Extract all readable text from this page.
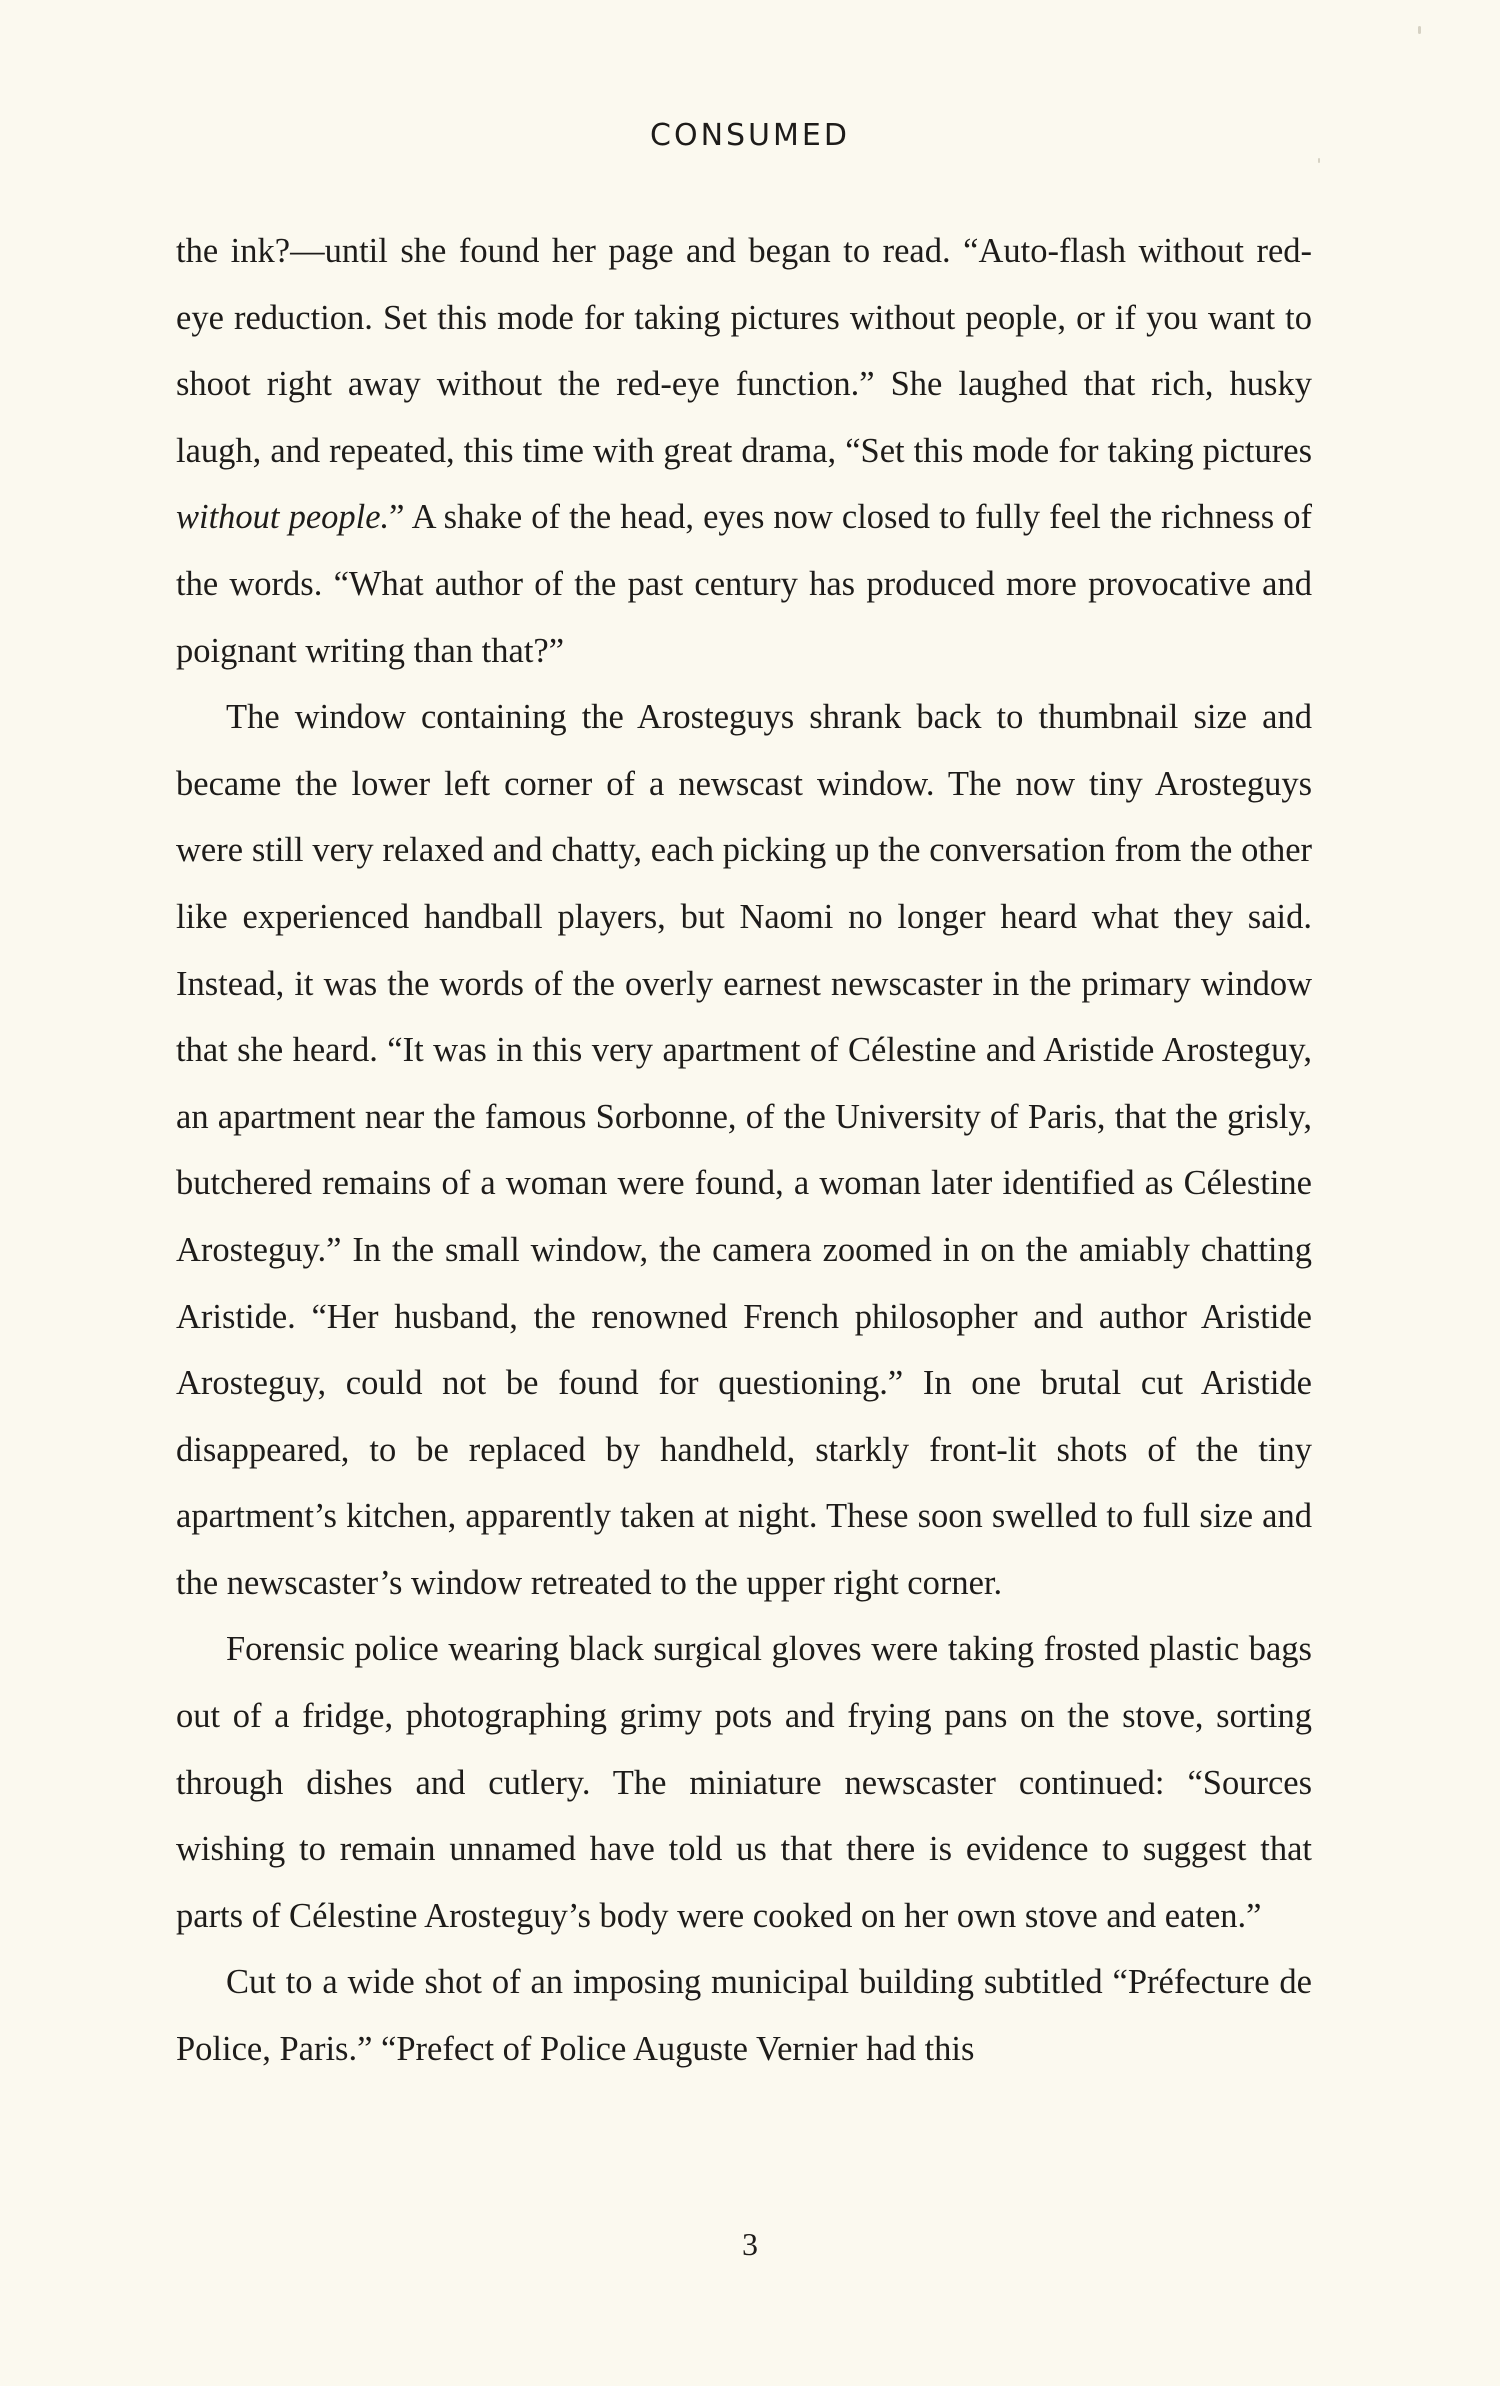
CONSUMED

the ink?—until she found her page and began to read. “Auto-flash without red-eye reduction. Set this mode for taking pictures without people, or if you want to shoot right away without the red-eye function.” She laughed that rich, husky laugh, and repeated, this time with great drama, “Set this mode for taking pictures without people.” A shake of the head, eyes now closed to fully feel the richness of the words. “What author of the past century has produced more provocative and poignant writing than that?”

The window containing the Arosteguys shrank back to thumbnail size and became the lower left corner of a newscast window. The now tiny Arosteguys were still very relaxed and chatty, each picking up the conversation from the other like experienced handball players, but Naomi no longer heard what they said. Instead, it was the words of the overly earnest newscaster in the primary window that she heard. “It was in this very apartment of Célestine and Aristide Arosteguy, an apartment near the famous Sorbonne, of the University of Paris, that the grisly, butchered remains of a woman were found, a woman later identified as Célestine Arosteguy.” In the small window, the camera zoomed in on the amiably chatting Aristide. “Her husband, the renowned French philosopher and author Aristide Arosteguy, could not be found for questioning.” In one brutal cut Aristide disappeared, to be replaced by handheld, starkly front-lit shots of the tiny apartment’s kitchen, apparently taken at night. These soon swelled to full size and the newscaster’s window retreated to the upper right corner.

Forensic police wearing black surgical gloves were taking frosted plastic bags out of a fridge, photographing grimy pots and frying pans on the stove, sorting through dishes and cutlery. The miniature newscaster continued: “Sources wishing to remain unnamed have told us that there is evidence to suggest that parts of Célestine Arosteguy’s body were cooked on her own stove and eaten.”

Cut to a wide shot of an imposing municipal building subtitled “Préfecture de Police, Paris.” “Prefect of Police Auguste Vernier had this

3
